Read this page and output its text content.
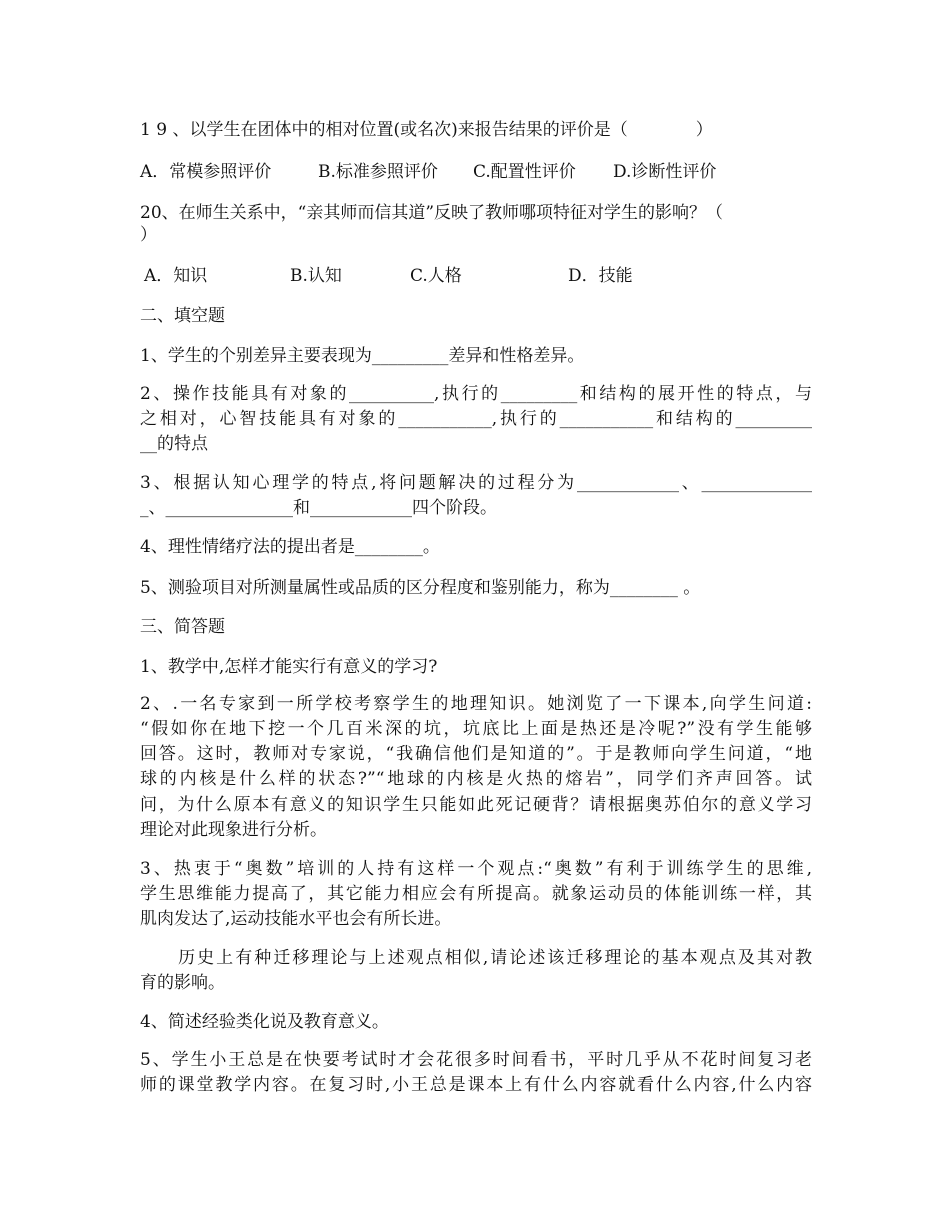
1 9 、以学生在团体中的相对位置(或名次)来报告结果的评价是（　　　　）
A．常模参照评价	B.标准参照评价 C.配置性评价 D.诊断性评价
20、在师生关系中，“亲其师而信其道”反映了教师哪项特征对学生的影响？（
）
A．知识	B.认知	C.人格	D．技能
二、填空题
1、学生的个别差异主要表现为_________差异和性格差异。
2、操作技能具有对象的__________,执行的_________和结构的展开性的特点，与
之相对，心智技能具有对象的___________,执行的___________和结构的_________
__的特点
3、根据认知心理学的特点,将问题解决的过程分为____________、_____________
_、_______________和____________四个阶段。
4、理性情绪疗法的提出者是________。
5、测验项目对所测量属性或品质的区分程度和鉴别能力，称为________ 。
三、简答题
1、教学中,怎样才能实行有意义的学习?
2、.一名专家到一所学校考察学生的地理知识。她浏览了一下课本,向学生问道:
“假如你在地下挖一个几百米深的坑，坑底比上面是热还是冷呢?”没有学生能够
回答。这时，教师对专家说，“我确信他们是知道的”。于是教师向学生问道，“地
球的内核是什么样的状态?”“地球的内核是火热的熔岩”，同学们齐声回答。试
问，为什么原本有意义的知识学生只能如此死记硬背？请根据奥苏伯尔的意义学习
理论对此现象进行分析。
3、热衷于“奥数”培训的人持有这样一个观点:“奥数”有利于训练学生的思维,
学生思维能力提高了，其它能力相应会有所提高。就象运动员的体能训练一样，其
肌肉发达了,运动技能水平也会有所长进。
　　历史上有种迁移理论与上述观点相似,请论述该迁移理论的基本观点及其对教
育的影响。
4、简述经验类化说及教育意义。
5、学生小王总是在快要考试时才会花很多时间看书，平时几乎从不花时间复习老
师的课堂教学内容。在复习时,小王总是课本上有什么内容就看什么内容,什么内容
